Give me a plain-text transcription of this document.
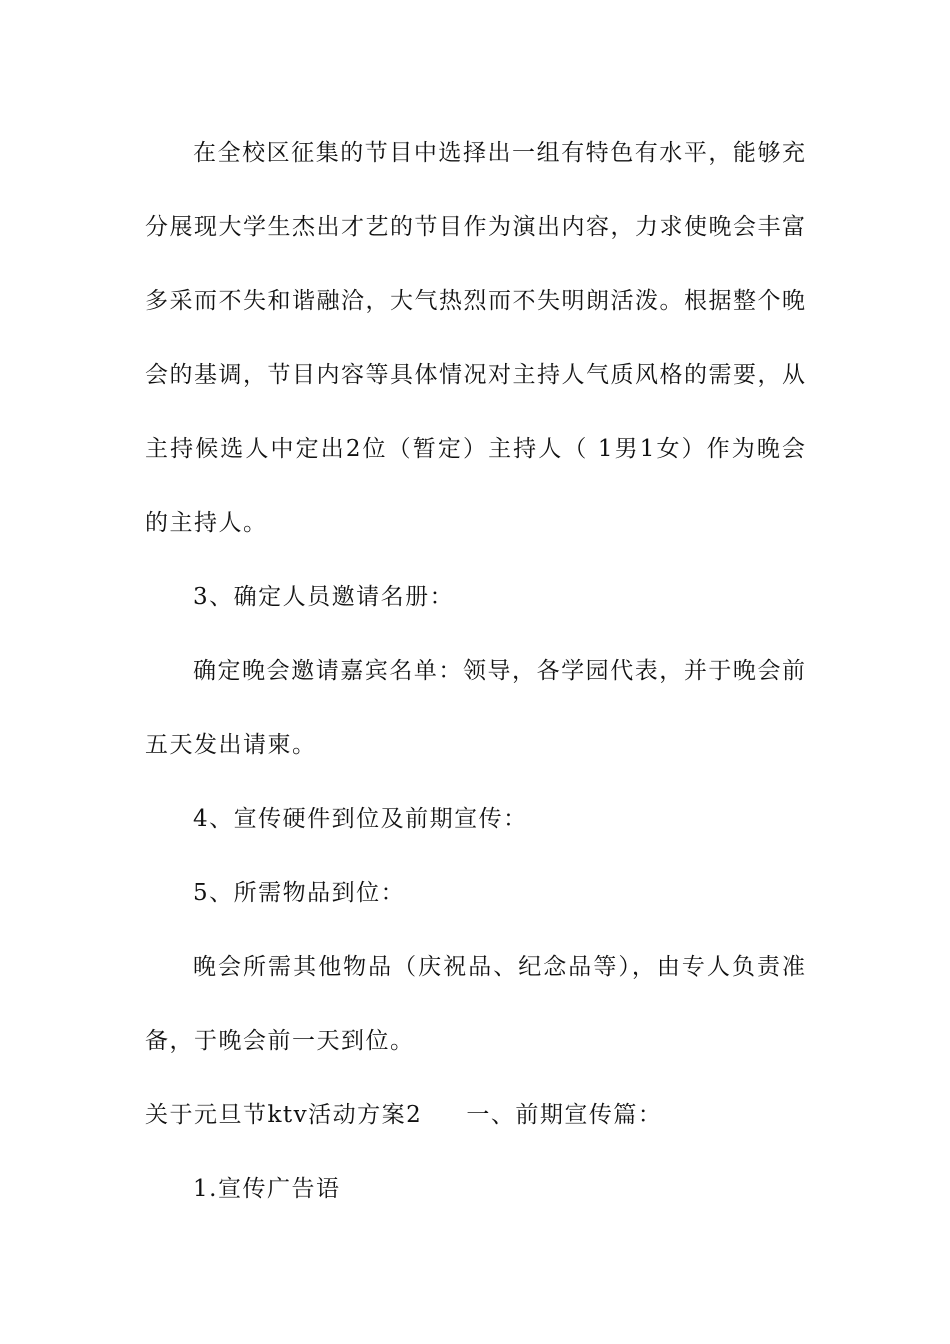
在全校区征集的节目中选择出一组有特色有水平，能够充
分展现大学生杰出才艺的节目作为演出内容，力求使晚会丰富
多采而不失和谐融洽，大气热烈而不失明朗活泼。根据整个晚
会的基调，节目内容等具体情况对主持人气质风格的需要，从
主持候选人中定出2位（暂定）主持人（ 1男1女）作为晚会
的主持人。
3、确定人员邀请名册：
确定晚会邀请嘉宾名单：领导，各学园代表，并于晚会前
五天发出请柬。
4、宣传硬件到位及前期宣传：
5、所需物品到位：
晚会所需其他物品（庆祝品、纪念品等），由专人负责准
备，于晚会前一天到位。
关于元旦节ktv活动方案2 一、前期宣传篇：
1.宣传广告语
